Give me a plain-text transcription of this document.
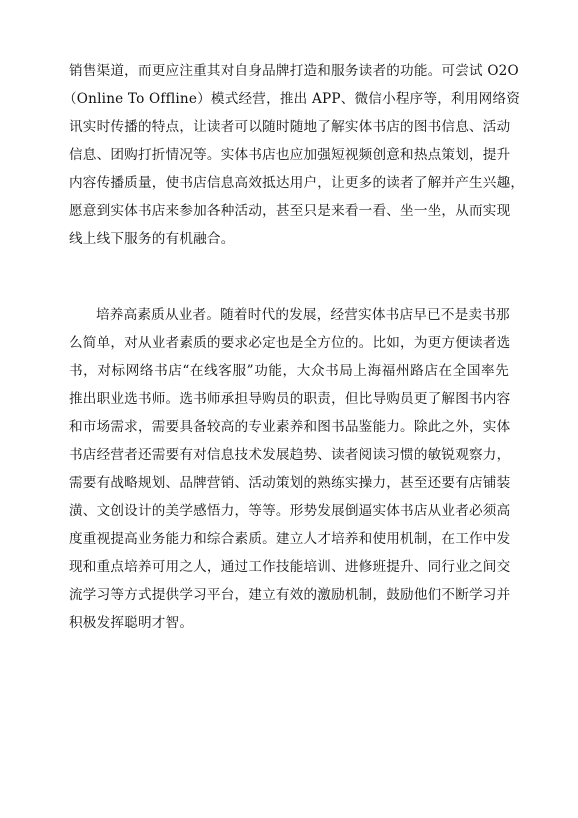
销售渠道，而更应注重其对自身品牌打造和服务读者的功能。可尝试 O2O
（Online To Offline）模式经营，推出 APP、微信小程序等，利用网络资
讯实时传播的特点，让读者可以随时随地了解实体书店的图书信息、活动
信息、团购打折情况等。实体书店也应加强短视频创意和热点策划，提升
内容传播质量，使书店信息高效抵达用户，让更多的读者了解并产生兴趣，
愿意到实体书店来参加各种活动，甚至只是来看一看、坐一坐，从而实现
线上线下服务的有机融合。
培养高素质从业者。随着时代的发展，经营实体书店早已不是卖书那
么简单，对从业者素质的要求必定也是全方位的。比如，为更方便读者选
书，对标网络书店“在线客服”功能，大众书局上海福州路店在全国率先
推出职业选书师。选书师承担导购员的职责，但比导购员更了解图书内容
和市场需求，需要具备较高的专业素养和图书品鉴能力。除此之外，实体
书店经营者还需要有对信息技术发展趋势、读者阅读习惯的敏锐观察力，
需要有战略规划、品牌营销、活动策划的熟练实操力，甚至还要有店铺装
潢、文创设计的美学感悟力，等等。形势发展倒逼实体书店从业者必须高
度重视提高业务能力和综合素质。建立人才培养和使用机制，在工作中发
现和重点培养可用之人，通过工作技能培训、进修班提升、同行业之间交
流学习等方式提供学习平台，建立有效的激励机制，鼓励他们不断学习并
积极发挥聪明才智。
